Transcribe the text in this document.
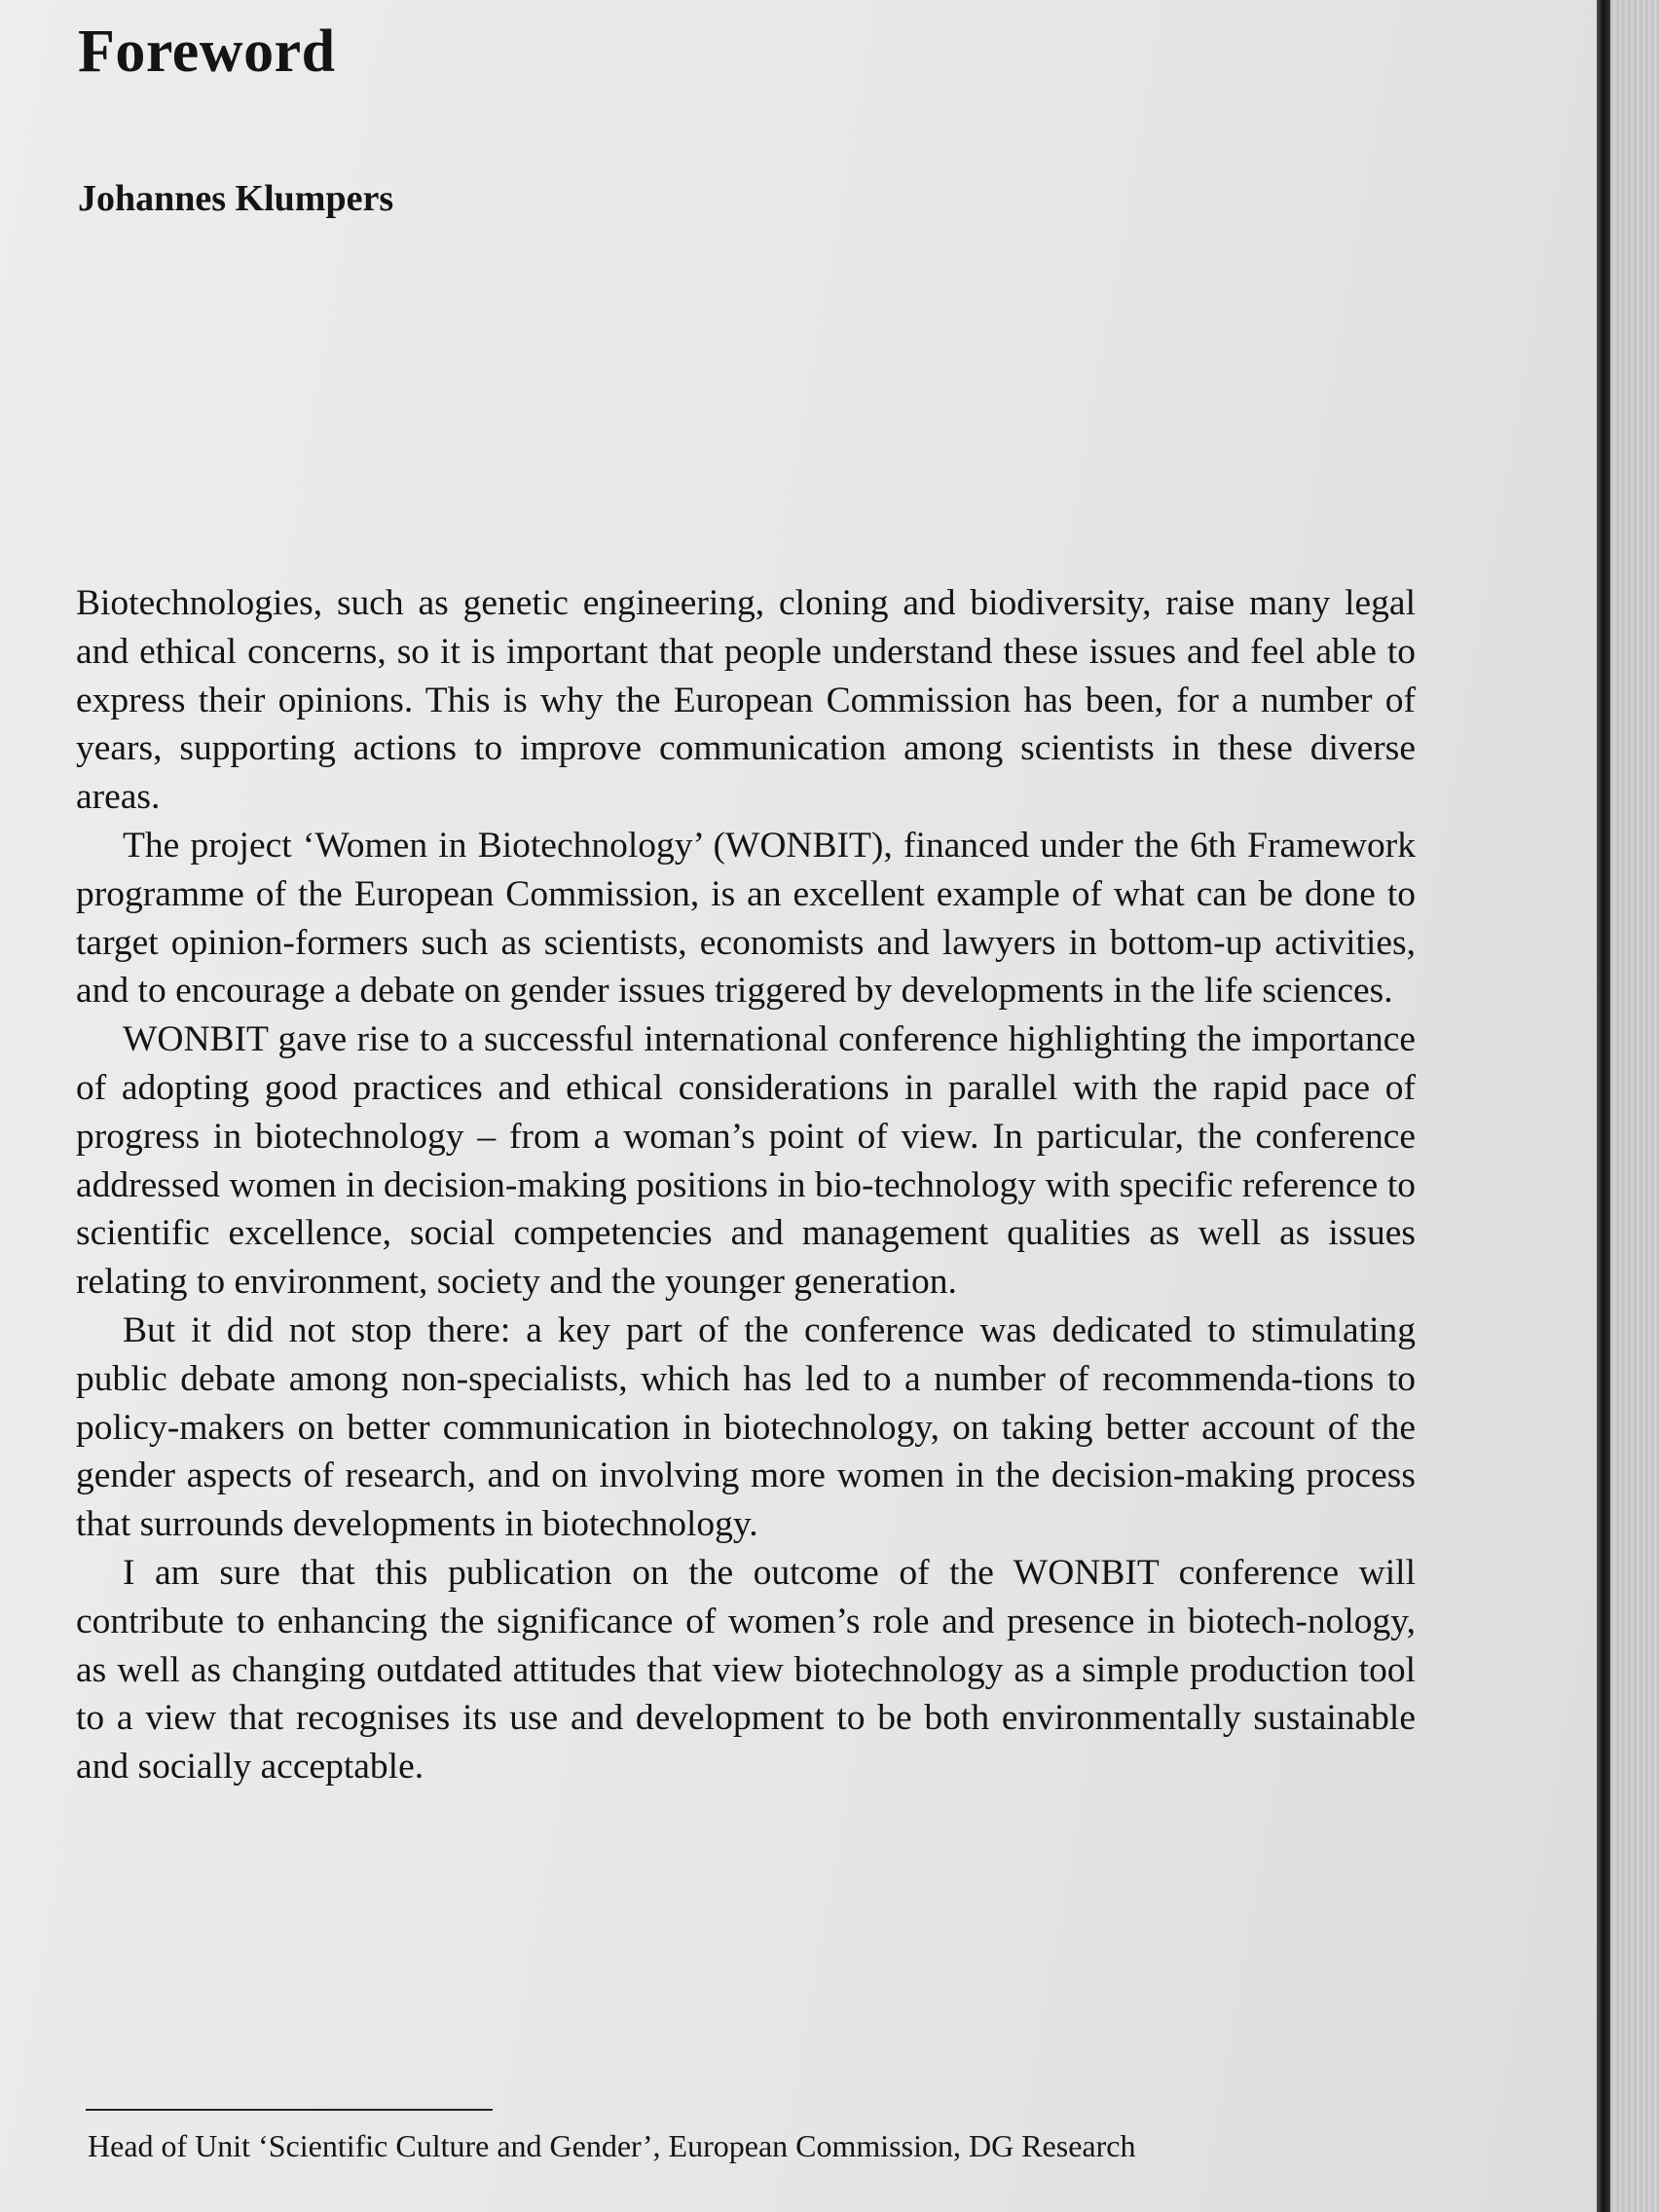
Foreword
Johannes Klumpers

Biotechnologies, such as genetic engineering, cloning and biodiversity, raise many legal and ethical concerns, so it is important that people understand these issues and feel able to express their opinions. This is why the European Commission has been, for a number of years, supporting actions to improve communication among scientists in these diverse areas.

The project ‘Women in Biotechnology’ (WONBIT), financed under the 6th Framework programme of the European Commission, is an excellent example of what can be done to target opinion-formers such as scientists, economists and lawyers in bottom-up activities, and to encourage a debate on gender issues triggered by developments in the life sciences.

WONBIT gave rise to a successful international conference highlighting the importance of adopting good practices and ethical considerations in parallel with the rapid pace of progress in biotechnology – from a woman’s point of view. In particular, the conference addressed women in decision-making positions in bio-technology with specific reference to scientific excellence, social competencies and management qualities as well as issues relating to environment, society and the younger generation.

But it did not stop there: a key part of the conference was dedicated to stimulating public debate among non-specialists, which has led to a number of recommenda-tions to policy-makers on better communication in biotechnology, on taking better account of the gender aspects of research, and on involving more women in the decision-making process that surrounds developments in biotechnology.

I am sure that this publication on the outcome of the WONBIT conference will contribute to enhancing the significance of women’s role and presence in biotech-nology, as well as changing outdated attitudes that view biotechnology as a simple production tool to a view that recognises its use and development to be both environmentally sustainable and socially acceptable.

Head of Unit ‘Scientific Culture and Gender’, European Commission, DG Research
